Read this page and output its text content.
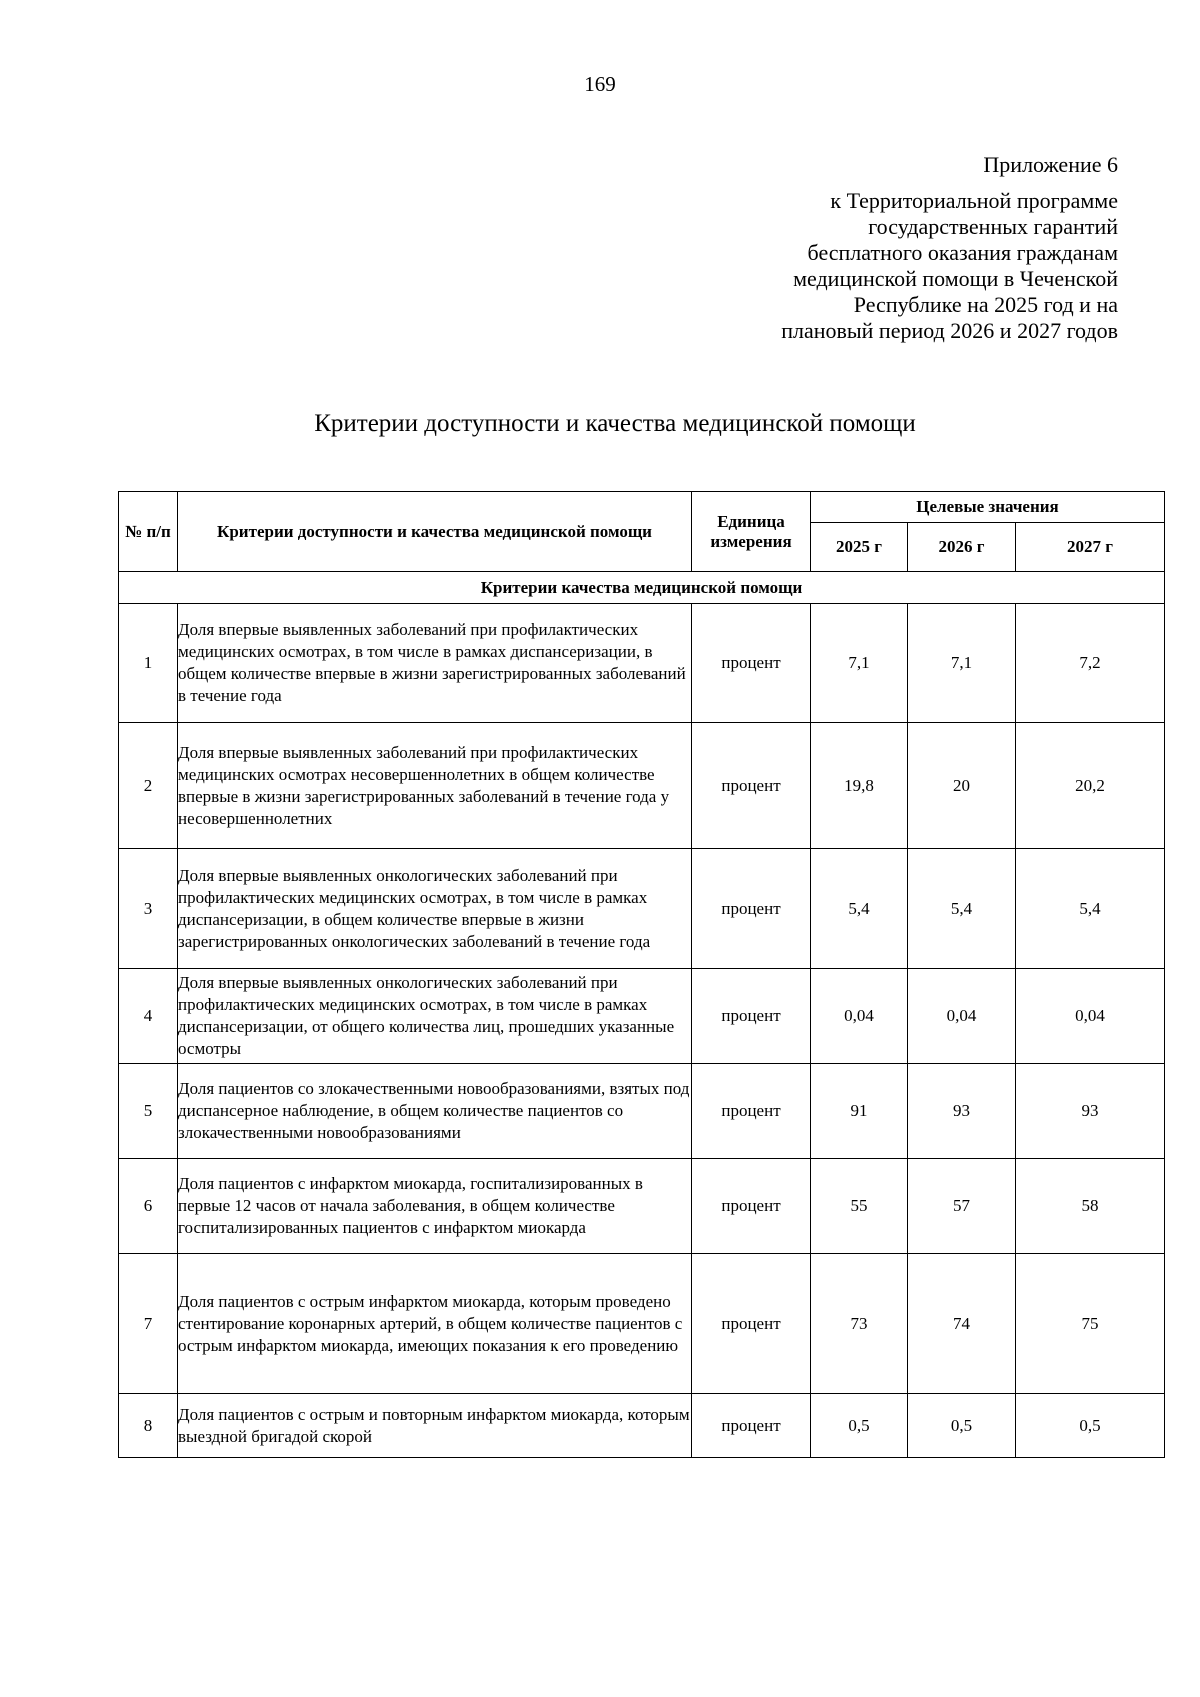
169
Приложение 6
к Территориальной программе
государственных гарантий
бесплатного оказания гражданам
медицинской помощи в Чеченской
Республике на 2025 год и на
плановый период 2026 и 2027 годов
Критерии доступности и качества медицинской помощи
№ п/п	Критерии доступности и качества медицинской помощи	Единица измерения	Целевые значения		
			2025 г	2026 г	2027 г
Критерии качества медицинской помощи					
1	Доля впервые выявленных заболеваний при профилактических медицинских осмотрах, в том числе в рамках диспансеризации, в общем количестве впервые в жизни зарегистрированных заболеваний в течение года	процент	7,1	7,1	7,2
2	Доля впервые выявленных заболеваний при профилактических медицинских осмотрах несовершеннолетних в общем количестве впервые в жизни зарегистрированных заболеваний в течение года у несовершеннолетних	процент	19,8	20	20,2
3	Доля впервые выявленных онкологических заболеваний при профилактических медицинских осмотрах, в том числе в рамках диспансеризации, в общем количестве впервые в жизни зарегистрированных онкологических заболеваний в течение года	процент	5,4	5,4	5,4
4	Доля впервые выявленных онкологических заболеваний при профилактических медицинских осмотрах, в том числе в рамках диспансеризации, от общего количества лиц, прошедших указанные осмотры	процент	0,04	0,04	0,04
5	Доля пациентов со злокачественными новообразованиями, взятых под диспансерное наблюдение, в общем количестве пациентов со злокачественными новообразованиями	процент	91	93	93
6	Доля пациентов с инфарктом миокарда, госпитализированных в первые 12 часов от начала заболевания, в общем количестве госпитализированных пациентов с инфарктом миокарда	процент	55	57	58
7	Доля пациентов с острым инфарктом миокарда, которым проведено стентирование коронарных артерий, в общем количестве пациентов с острым инфарктом миокарда, имеющих показания к его проведению	процент	73	74	75
8	Доля пациентов с острым и повторным инфарктом миокарда, которым выездной бригадой скорой	процент	0,5	0,5	0,5
